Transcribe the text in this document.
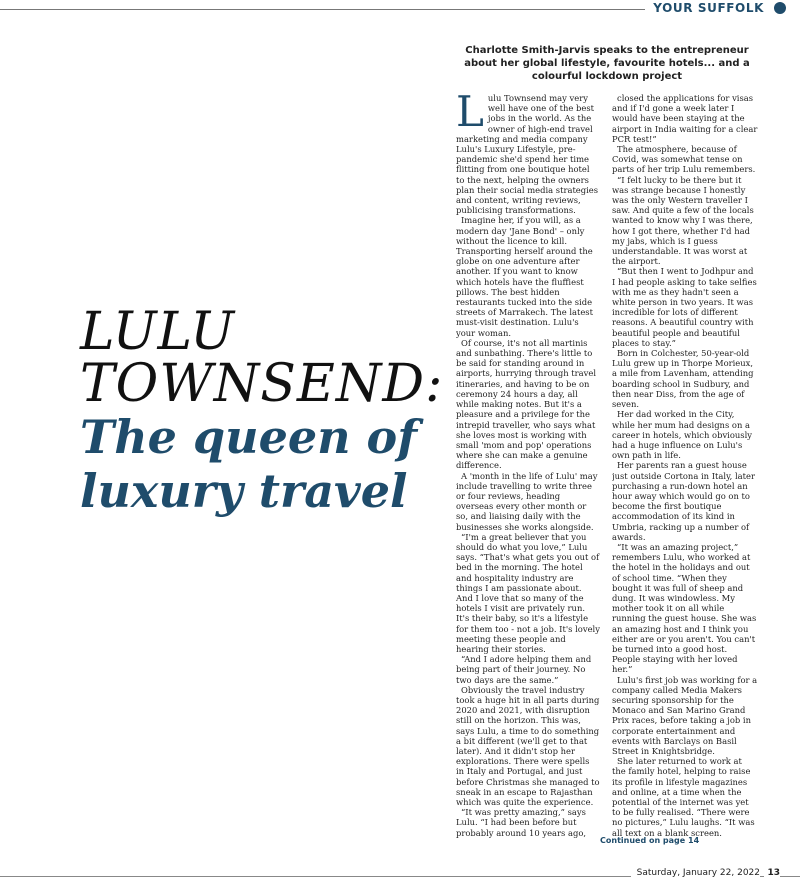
YOUR SUFFOLK
Charlotte Smith-Jarvis speaks to the entrepreneur about her global lifestyle, favourite hotels... and a colourful lockdown project
LULU
TOWNSEND:
The queen of
luxury travel

Lulu Townsend may very well have one of the best jobs in the world. As the owner of high-end travel marketing and media company Lulu's Luxury Lifestyle, pre-pandemic she'd spend her time flitting from one boutique hotel to the next, helping the owners plan their social media strategies and content, writing reviews, publicising transformations.

Imagine her, if you will, as a modern day 'Jane Bond' – only without the licence to kill. Transporting herself around the globe on one adventure after another. If you want to know which hotels have the fluffiest pillows. The best hidden restaurants tucked into the side streets of Marrakech. The latest must-visit destination. Lulu's your woman.

Of course, it's not all martinis and sunbathing. There's little to be said for standing around in airports, hurrying through travel itineraries, and having to be on ceremony 24 hours a day, all while making notes. But it's a pleasure and a privilege for the intrepid traveller, who says what she loves most is working with small 'mom and pop' operations where she can make a genuine difference.

A 'month in the life of Lulu' may include travelling to write three or four reviews, heading overseas every other month or so, and liaising daily with the businesses she works alongside.

“I'm a great believer that you should do what you love,” Lulu says. “That's what gets you out of bed in the morning. The hotel and hospitality industry are things I am passionate about. And I love that so many of the hotels I visit are privately run. It's their baby, so it's a lifestyle for them too - not a job. It's lovely meeting these people and hearing their stories.

“And I adore helping them and being part of their journey. No two days are the same.”

Obviously the travel industry took a huge hit in all parts during 2020 and 2021, with disruption still on the horizon. This was, says Lulu, a time to do something a bit different (we'll get to that later). And it didn't stop her explorations. There were spells in Italy and Portugal, and just before Christmas she managed to sneak in an escape to Rajasthan which was quite the experience.

“It was pretty amazing,” says Lulu. “I had been before but probably around 10 years ago,

closed the applications for visas and if I'd gone a week later I would have been staying at the airport in India waiting for a clear PCR test!”

The atmosphere, because of Covid, was somewhat tense on parts of her trip Lulu remembers.

“I felt lucky to be there but it was strange because I honestly was the only Western traveller I saw. And quite a few of the locals wanted to know why I was there, how I got there, whether I'd had my jabs, which is I guess understandable. It was worst at the airport.

“But then I went to Jodhpur and I had people asking to take selfies with me as they hadn't seen a white person in two years. It was incredible for lots of different reasons. A beautiful country with beautiful people and beautiful places to stay.”

Born in Colchester, 50-year-old Lulu grew up in Thorpe Morieux, a mile from Lavenham, attending boarding school in Sudbury, and then near Diss, from the age of seven.

Her dad worked in the City, while her mum had designs on a career in hotels, which obviously had a huge influence on Lulu's own path in life.

Her parents ran a guest house just outside Cortona in Italy, later purchasing a run-down hotel an hour away which would go on to become the first boutique accommodation of its kind in Umbria, racking up a number of awards.

“It was an amazing project,” remembers Lulu, who worked at the hotel in the holidays and out of school time. “When they bought it was full of sheep and dung. It was windowless. My mother took it on all while running the guest house. She was an amazing host and I think you either are or you aren't. You can't be turned into a good host. People staying with her loved her.”

Lulu's first job was working for a company called Media Makers securing sponsorship for the Monaco and San Marino Grand Prix races, before taking a job in corporate entertainment and events with Barclays on Basil Street in Knightsbridge.

She later returned to work at the family hotel, helping to raise its profile in lifestyle magazines and online, at a time when the potential of the internet was yet to be fully realised. “There were no pictures,” Lulu laughs. “It was all text on a blank screen.

Continued on page 14
Saturday, January 22, 2022 13
